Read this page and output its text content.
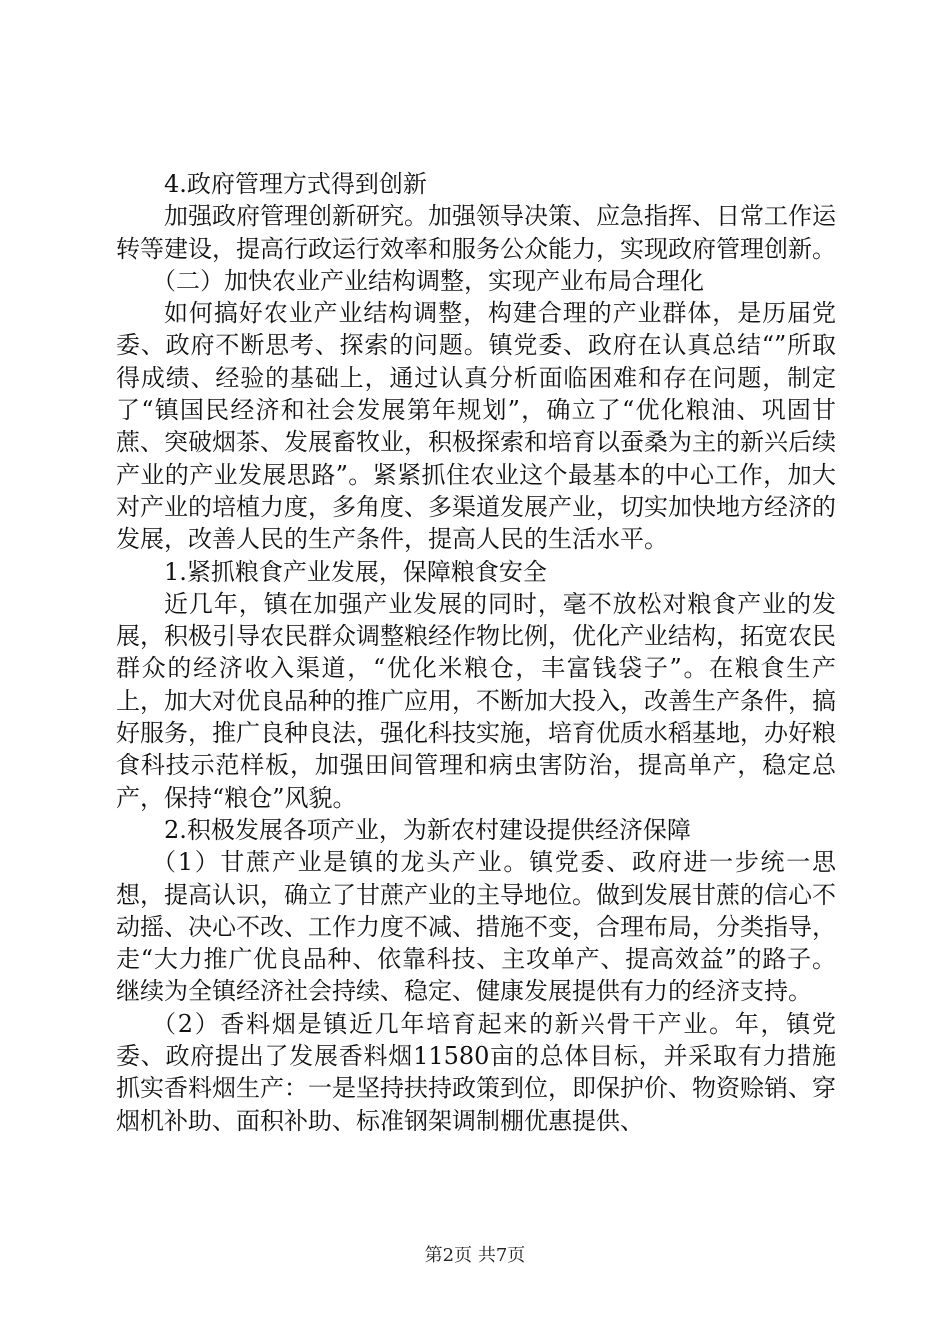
4.政府管理方式得到创新

加强政府管理创新研究。加强领导决策、应急指挥、日常工作运转等建设，提高行政运行效率和服务公众能力，实现政府管理创新。

（二）加快农业产业结构调整，实现产业布局合理化

如何搞好农业产业结构调整，构建合理的产业群体，是历届党委、政府不断思考、探索的问题。镇党委、政府在认真总结“”所取得成绩、经验的基础上，通过认真分析面临困难和存在问题，制定了“镇国民经济和社会发展第年规划”，确立了“优化粮油、巩固甘蔗、突破烟茶、发展畜牧业，积极探索和培育以蚕桑为主的新兴后续产业的产业发展思路”。紧紧抓住农业这个最基本的中心工作，加大对产业的培植力度，多角度、多渠道发展产业，切实加快地方经济的发展，改善人民的生产条件，提高人民的生活水平。

1.紧抓粮食产业发展，保障粮食安全

近几年，镇在加强产业发展的同时，毫不放松对粮食产业的发展，积极引导农民群众调整粮经作物比例，优化产业结构，拓宽农民群众的经济收入渠道，“优化米粮仓，丰富钱袋子”。在粮食生产上，加大对优良品种的推广应用，不断加大投入，改善生产条件，搞好服务，推广良种良法，强化科技实施，培育优质水稻基地，办好粮食科技示范样板，加强田间管理和病虫害防治，提高单产，稳定总产，保持“粮仓”风貌。

2.积极发展各项产业，为新农村建设提供经济保障

（1）甘蔗产业是镇的龙头产业。镇党委、政府进一步统一思想，提高认识，确立了甘蔗产业的主导地位。做到发展甘蔗的信心不动摇、决心不改、工作力度不减、措施不变，合理布局，分类指导，走“大力推广优良品种、依靠科技、主攻单产、提高效益”的路子。继续为全镇经济社会持续、稳定、健康发展提供有力的经济支持。

（2）香料烟是镇近几年培育起来的新兴骨干产业。年，镇党委、政府提出了发展香料烟11580亩的总体目标，并采取有力措施抓实香料烟生产：一是坚持扶持政策到位，即保护价、物资赊销、穿烟机补助、面积补助、标准钢架调制棚优惠提供、

第2页 共7页
